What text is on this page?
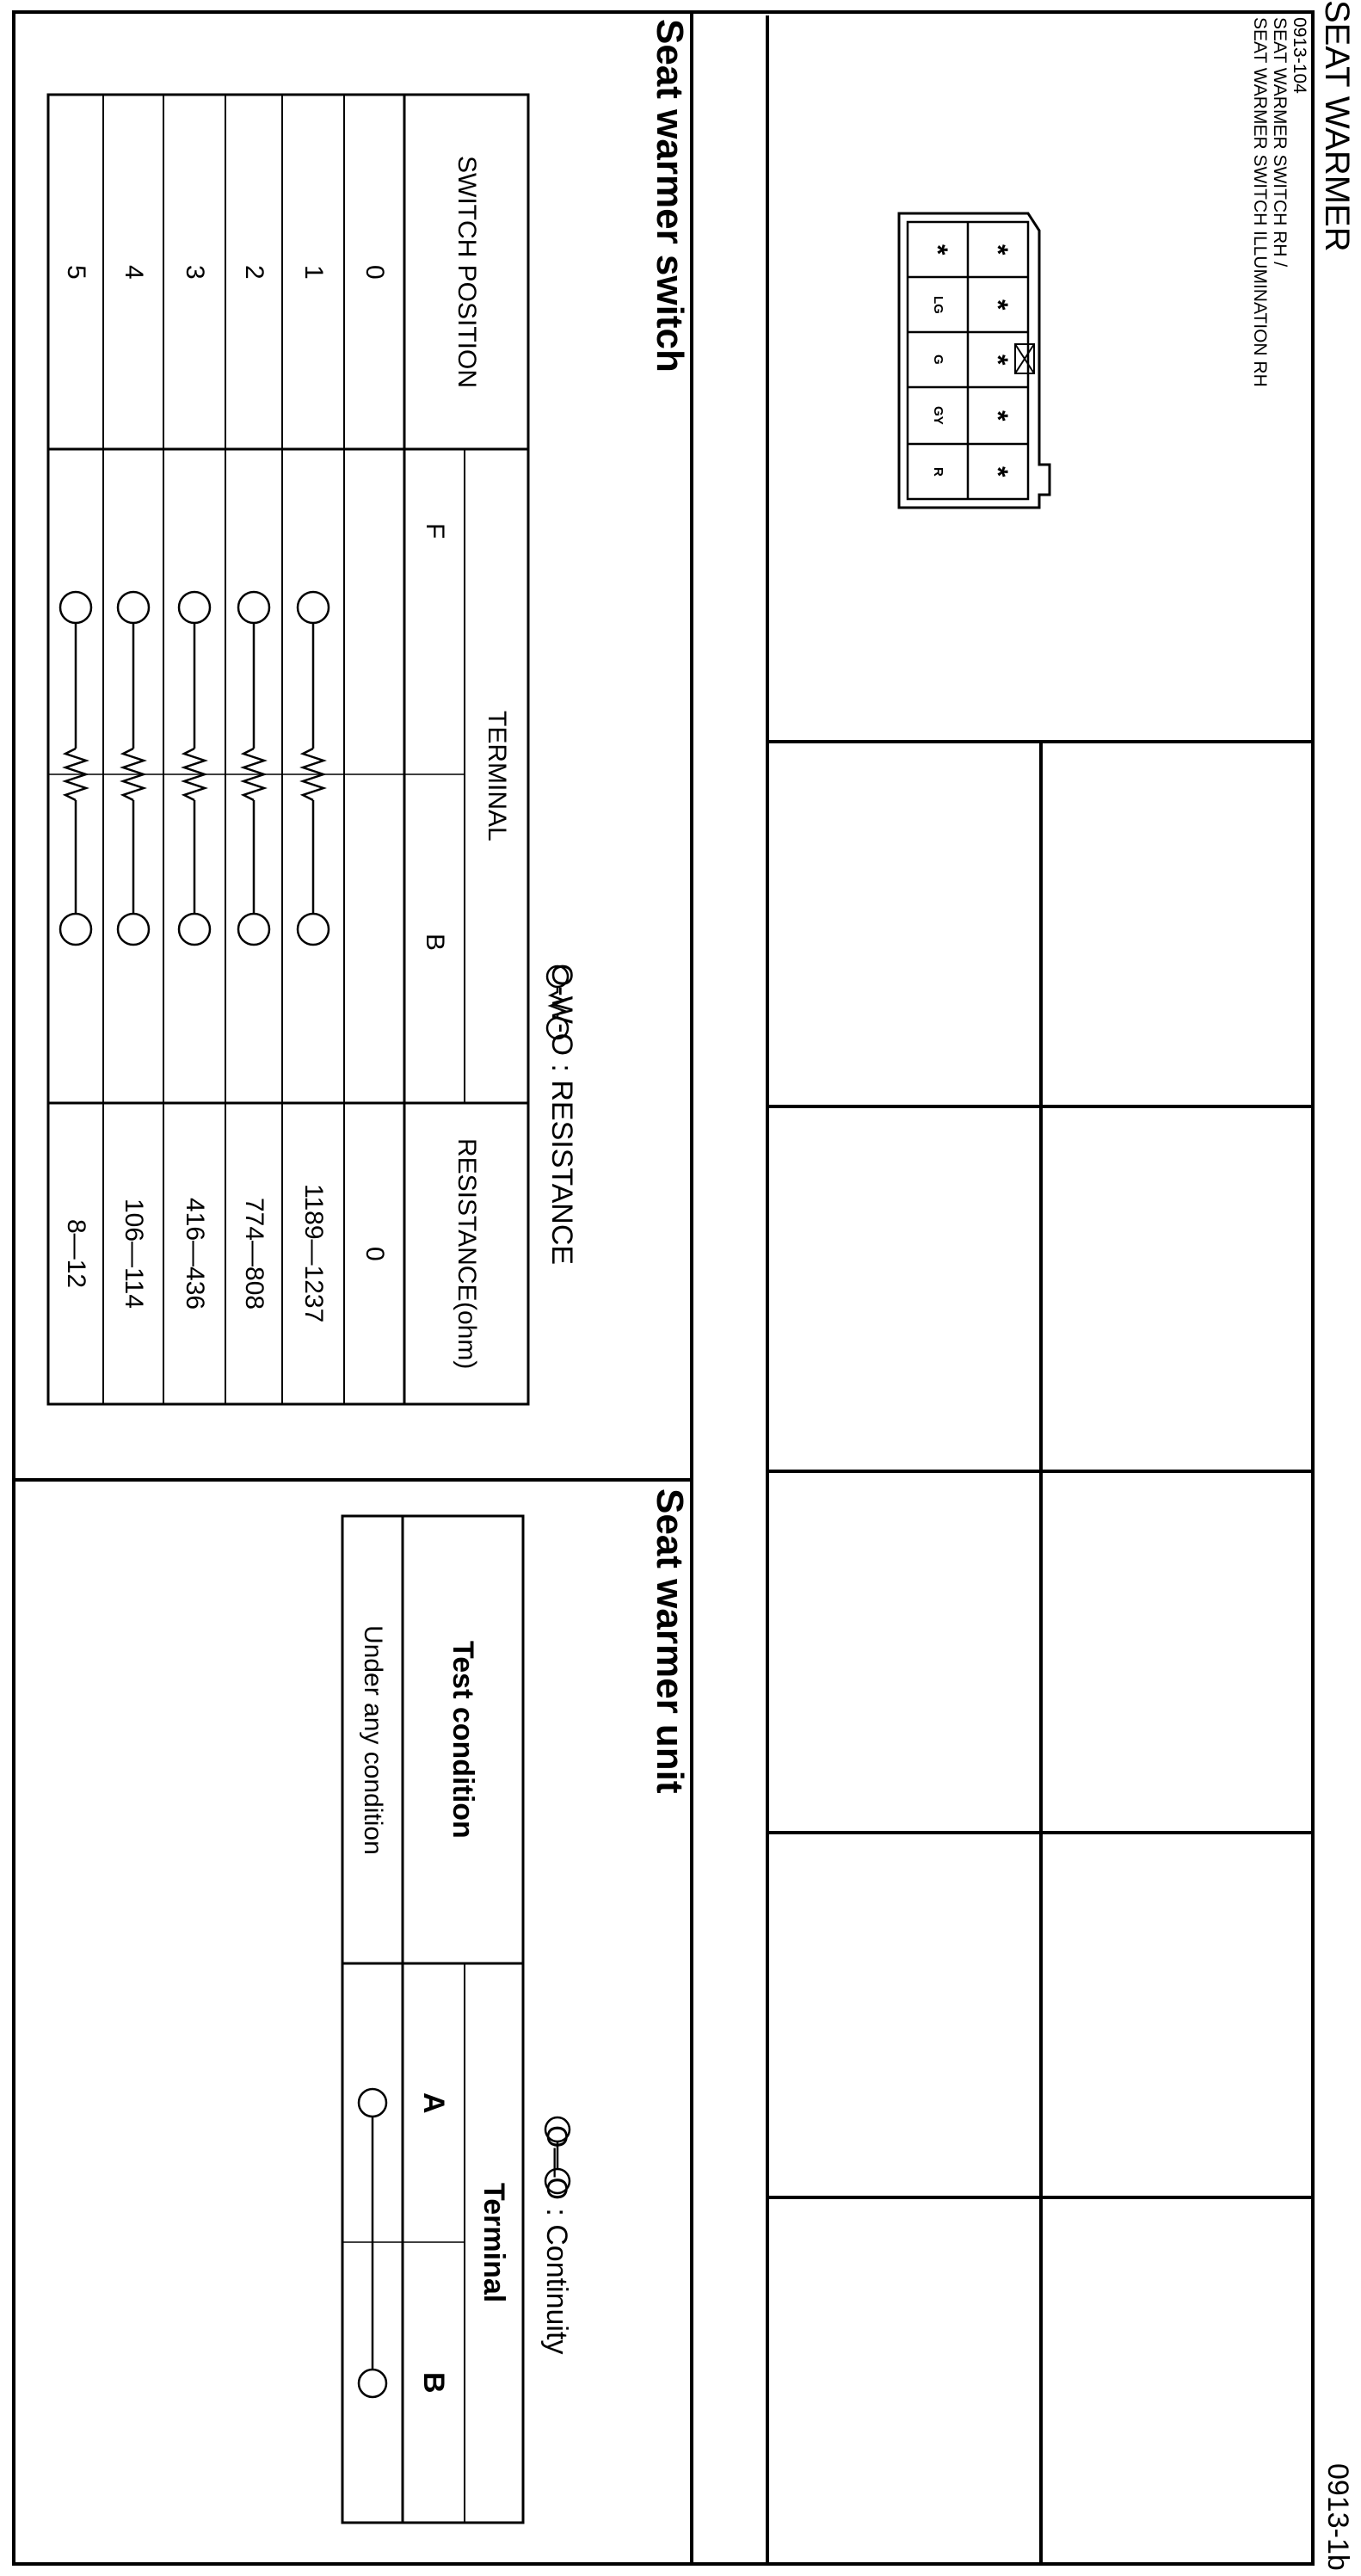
SEAT WARMER
0913-1b
0913-104
SEAT WARMER SWITCH RH /
SEAT WARMER SWITCH ILLUMINATION RH
*
*
*
*
*
*
LG
G
GY
R
Seat warmer switch
O-W-O : RESISTANCE
SWITCH POSITION
TERMINAL
F
B
RESISTANCE
(ohm)
0
0
1
1189—1237
2
774—808
3
416—436
4
106—114
5
8—12
Seat warmer unit
O—O : Continuity
Test condition
Terminal
A
B
Under any condition
